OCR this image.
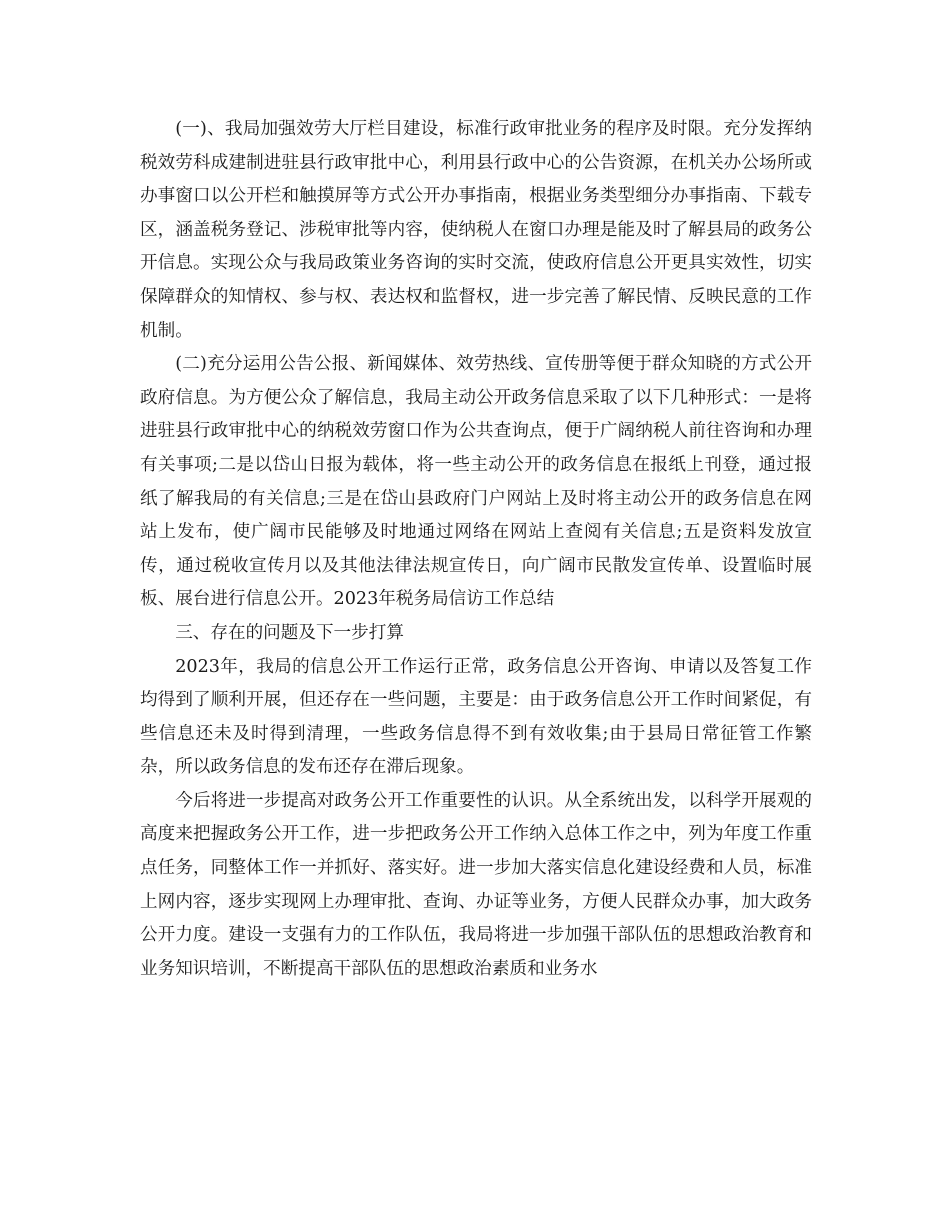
(一)、我局加强效劳大厅栏目建设，标准行政审批业务的程序及时限。充分发挥纳税效劳科成建制进驻县行政审批中心，利用县行政中心的公告资源，在机关办公场所或办事窗口以公开栏和触摸屏等方式公开办事指南，根据业务类型细分办事指南、下载专区，涵盖税务登记、涉税审批等内容，使纳税人在窗口办理是能及时了解县局的政务公开信息。实现公众与我局政策业务咨询的实时交流，使政府信息公开更具实效性，切实保障群众的知情权、参与权、表达权和监督权，进一步完善了解民情、反映民意的工作机制。

(二)充分运用公告公报、新闻媒体、效劳热线、宣传册等便于群众知晓的方式公开政府信息。为方便公众了解信息，我局主动公开政务信息采取了以下几种形式：一是将进驻县行政审批中心的纳税效劳窗口作为公共查询点，便于广阔纳税人前往咨询和办理有关事项;二是以岱山日报为载体，将一些主动公开的政务信息在报纸上刊登，通过报纸了解我局的有关信息;三是在岱山县政府门户网站上及时将主动公开的政务信息在网站上发布，使广阔市民能够及时地通过网络在网站上查阅有关信息;五是资料发放宣传，通过税收宣传月以及其他法律法规宣传日，向广阔市民散发宣传单、设置临时展板、展台进行信息公开。2023年税务局信访工作总结

三、存在的问题及下一步打算

2023年，我局的信息公开工作运行正常，政务信息公开咨询、申请以及答复工作均得到了顺利开展，但还存在一些问题，主要是：由于政务信息公开工作时间紧促，有些信息还未及时得到清理，一些政务信息得不到有效收集;由于县局日常征管工作繁杂，所以政务信息的发布还存在滞后现象。

今后将进一步提高对政务公开工作重要性的认识。从全系统出发，以科学开展观的高度来把握政务公开工作，进一步把政务公开工作纳入总体工作之中，列为年度工作重点任务，同整体工作一并抓好、落实好。进一步加大落实信息化建设经费和人员，标准上网内容，逐步实现网上办理审批、查询、办证等业务，方便人民群众办事，加大政务公开力度。建设一支强有力的工作队伍，我局将进一步加强干部队伍的思想政治教育和业务知识培训，不断提高干部队伍的思想政治素质和业务水
